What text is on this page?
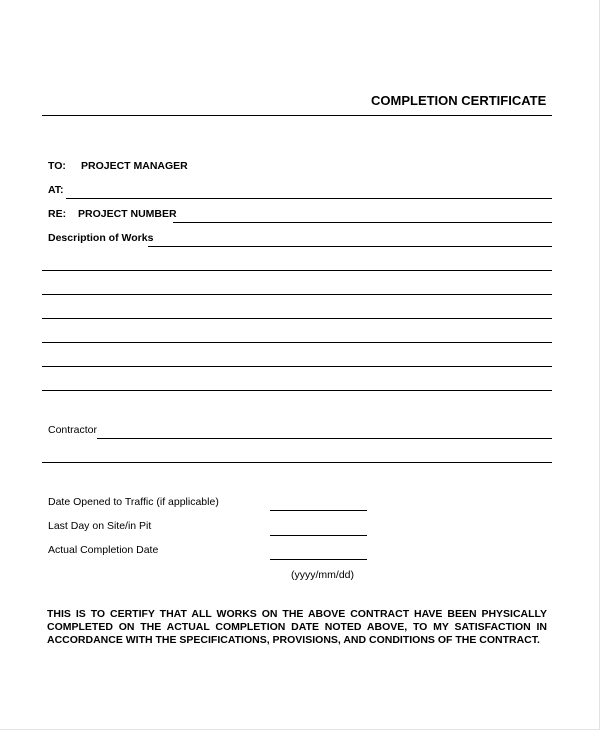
COMPLETION CERTIFICATE
TO: PROJECT MANAGER
AT:
RE: PROJECT NUMBER
Description of Works
Contractor
Date Opened to Traffic (if applicable)
Last Day on Site/in Pit
Actual Completion Date
(yyyy/mm/dd)
THIS IS TO CERTIFY THAT ALL WORKS ON THE ABOVE CONTRACT HAVE BEEN PHYSICALLY COMPLETED ON THE ACTUAL COMPLETION DATE NOTED ABOVE, TO MY SATISFACTION IN ACCORDANCE WITH THE SPECIFICATIONS, PROVISIONS, AND CONDITIONS OF THE CONTRACT.
